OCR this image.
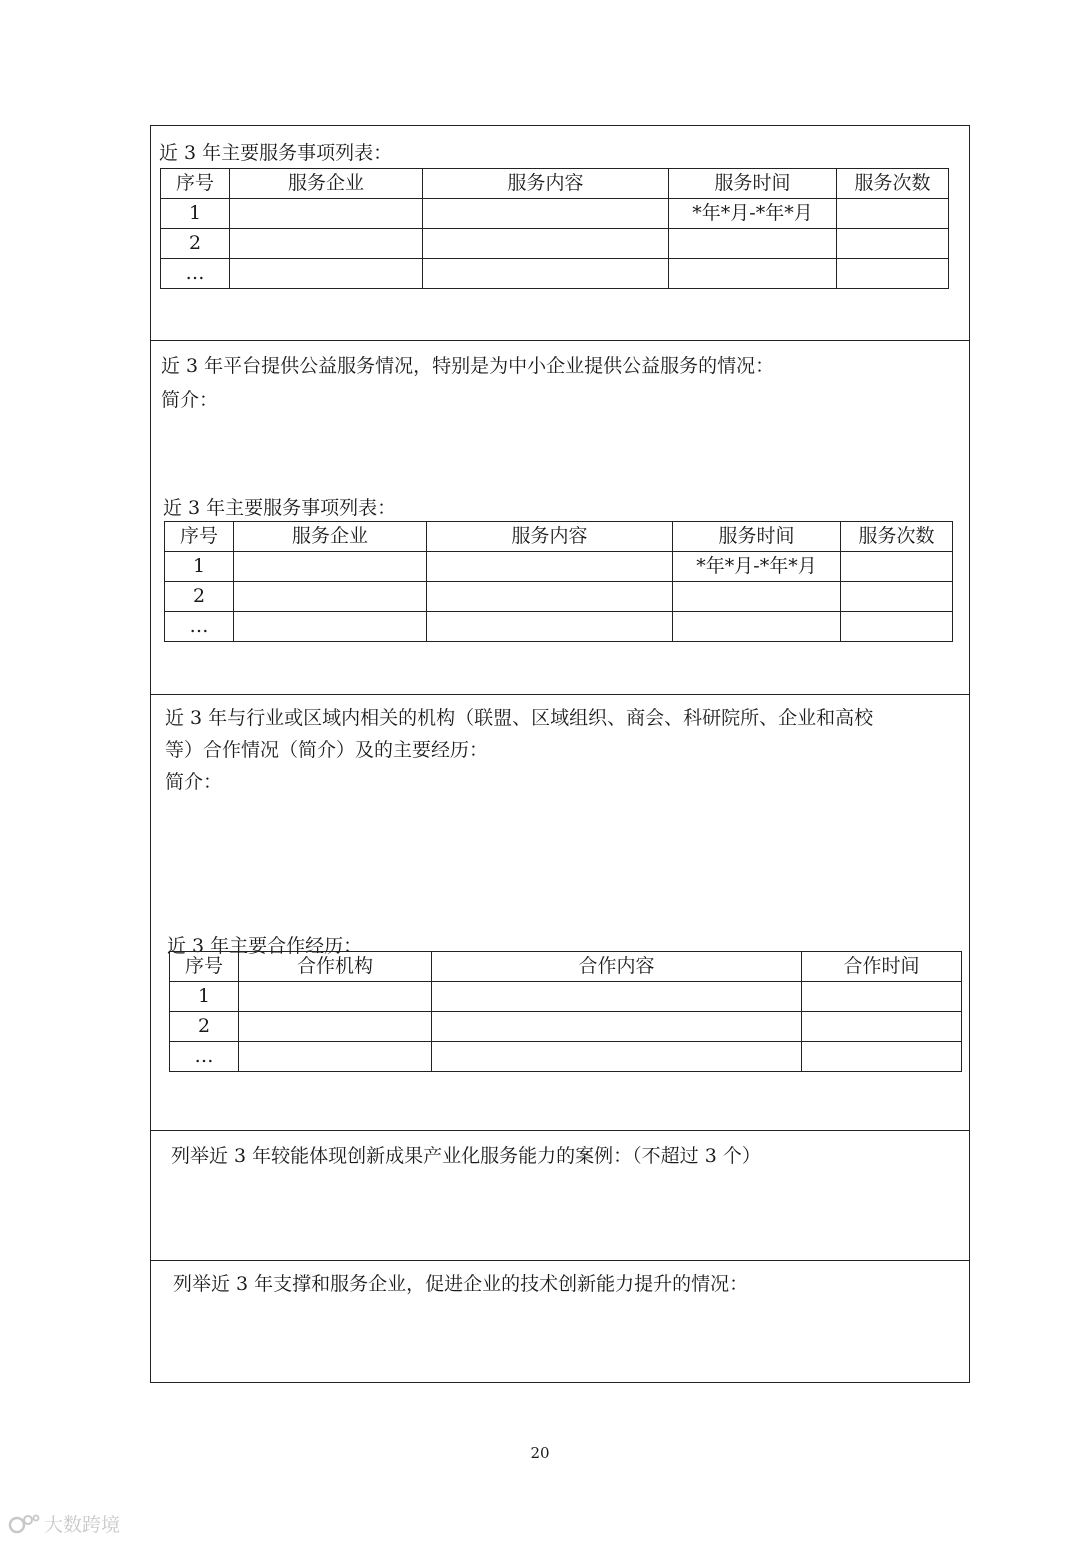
近 3 年主要服务事项列表：
序号	服务企业	服务内容	服务时间	服务次数
1			*年*月-*年*月	
2				
…				
近 3 年平台提供公益服务情况，特别是为中小企业提供公益服务的情况：
简介：
近 3 年主要服务事项列表：
序号	服务企业	服务内容	服务时间	服务次数
1			*年*月-*年*月	
2				
…				
近 3 年与行业或区域内相关的机构（联盟、区域组织、商会、科研院所、企业和高校
等）合作情况（简介）及的主要经历：
简介：
近 3 年主要合作经历：
序号	合作机构	合作内容	合作时间
1			
2			
…			
列举近 3 年较能体现创新成果产业化服务能力的案例：（不超过 3 个）
列举近 3 年支撑和服务企业，促进企业的技术创新能力提升的情况：
20
大数跨境
